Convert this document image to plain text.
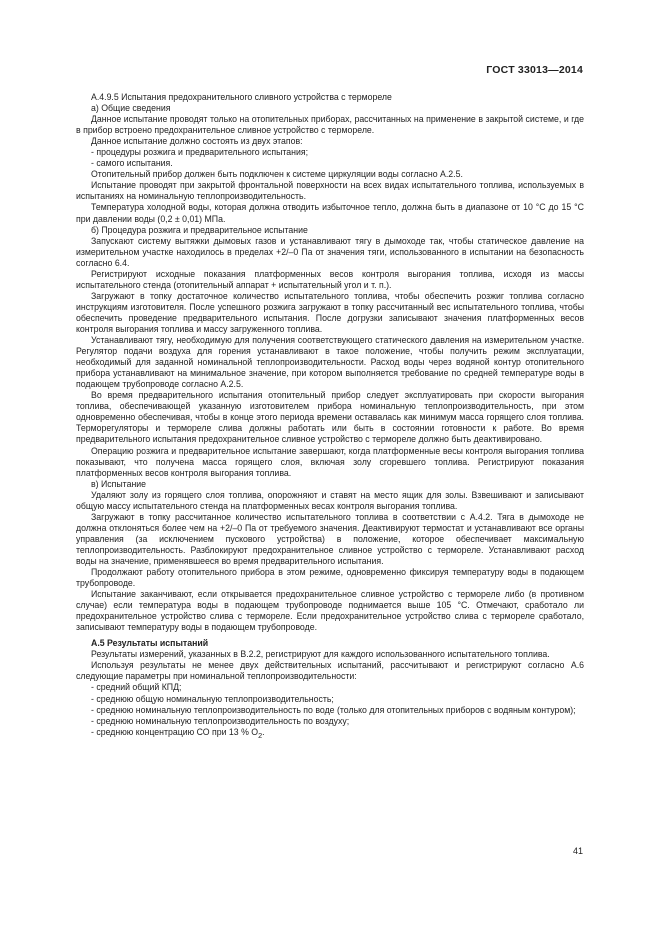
ГОСТ 33013—2014

А.4.9.5 Испытания предохранительного сливного устройства с термореле

а) Общие сведения

Данное испытание проводят только на отопительных приборах, рассчитанных на применение в закрытой системе, и где в прибор встроено предохранительное сливное устройство с термореле.

Данное испытание должно состоять из двух этапов:

- процедуры розжига и предварительного испытания;

- самого испытания.

Отопительный прибор должен быть подключен к системе циркуляции воды согласно А.2.5.

Испытание проводят при закрытой фронтальной поверхности на всех видах испытательного топлива, используемых в испытаниях на номинальную теплопроизводительность.

Температура холодной воды, которая должна отводить избыточное тепло, должна быть в диапазоне от 10 °С до 15 °С при давлении воды (0,2 ± 0,01) МПа.

б) Процедура розжига и предварительное испытание

Запускают систему вытяжки дымовых газов и устанавливают тягу в дымоходе так, чтобы статическое давление на измерительном участке находилось в пределах +2/–0 Па от значения тяги, использованного в испытании на безопасность согласно 6.4.

Регистрируют исходные показания платформенных весов контроля выгорания топлива, исходя из массы испытательного стенда (отопительный аппарат + испытательный угол и т. п.).

Загружают в топку достаточное количество испытательного топлива, чтобы обеспечить розжиг топлива согласно инструкциям изготовителя. После успешного розжига загружают в топку рассчитанный вес испытательного топлива, чтобы обеспечить проведение предварительного испытания. После догрузки записывают значения платформенных весов контроля выгорания топлива и массу загруженного топлива.

Устанавливают тягу, необходимую для получения соответствующего статического давления на измерительном участке. Регулятор подачи воздуха для горения устанавливают в такое положение, чтобы получить режим эксплуатации, необходимый для заданной номинальной теплопроизводительности. Расход воды через водяной контур отопительного прибора устанавливают на минимальное значение, при котором выполняется требование по средней температуре воды в подающем трубопроводе согласно А.2.5.

Во время предварительного испытания отопительный прибор следует эксплуатировать при скорости выгорания топлива, обеспечивающей указанную изготовителем прибора номинальную теплопроизводительность, при этом одновременно обеспечивая, чтобы в конце этого периода времени оставалась как минимум масса горящего слоя топлива. Терморегуляторы и термореле слива должны работать или быть в состоянии готовности к работе. Во время предварительного испытания предохранительное сливное устройство с термореле должно быть деактивировано.

Операцию розжига и предварительное испытание завершают, когда платформенные весы контроля выгорания топлива показывают, что получена масса горящего слоя, включая золу сгоревшего топлива. Регистрируют показания платформенных весов контроля выгорания топлива.

в) Испытание

Удаляют золу из горящего слоя топлива, опорожняют и ставят на место ящик для золы. Взвешивают и записывают общую массу испытательного стенда на платформенных весах контроля выгорания топлива.

Загружают в топку рассчитанное количество испытательного топлива в соответствии с А.4.2. Тяга в дымоходе не должна отклоняться более чем на +2/–0 Па от требуемого значения. Деактивируют термостат и устанавливают все органы управления (за исключением пускового устройства) в положение, которое обеспечивает максимальную теплопроизводительность. Разблокируют предохранительное сливное устройство с термореле. Устанавливают расход воды на значение, применявшееся во время предварительного испытания.

Продолжают работу отопительного прибора в этом режиме, одновременно фиксируя температуру воды в подающем трубопроводе.

Испытание заканчивают, если открывается предохранительное сливное устройство с термореле либо (в противном случае) если температура воды в подающем трубопроводе поднимается выше 105 °С. Отмечают, сработало ли предохранительное устройство слива с термореле. Если предохранительное устройство слива с термореле сработало, записывают температуру воды в подающем трубопроводе.

А.5 Результаты испытаний

Результаты измерений, указанных в В.2.2, регистрируют для каждого использованного испытательного топлива.

Используя результаты не менее двух действительных испытаний, рассчитывают и регистрируют согласно А.6 следующие параметры при номинальной теплопроизводительности:

- средний общий КПД;

- среднюю общую номинальную теплопроизводительность;

- среднюю номинальную теплопроизводительность по воде (только для отопительных приборов с водяным контуром);

- среднюю номинальную теплопроизводительность по воздуху;

- среднюю концентрацию СО при 13 % $О_2$.

41
